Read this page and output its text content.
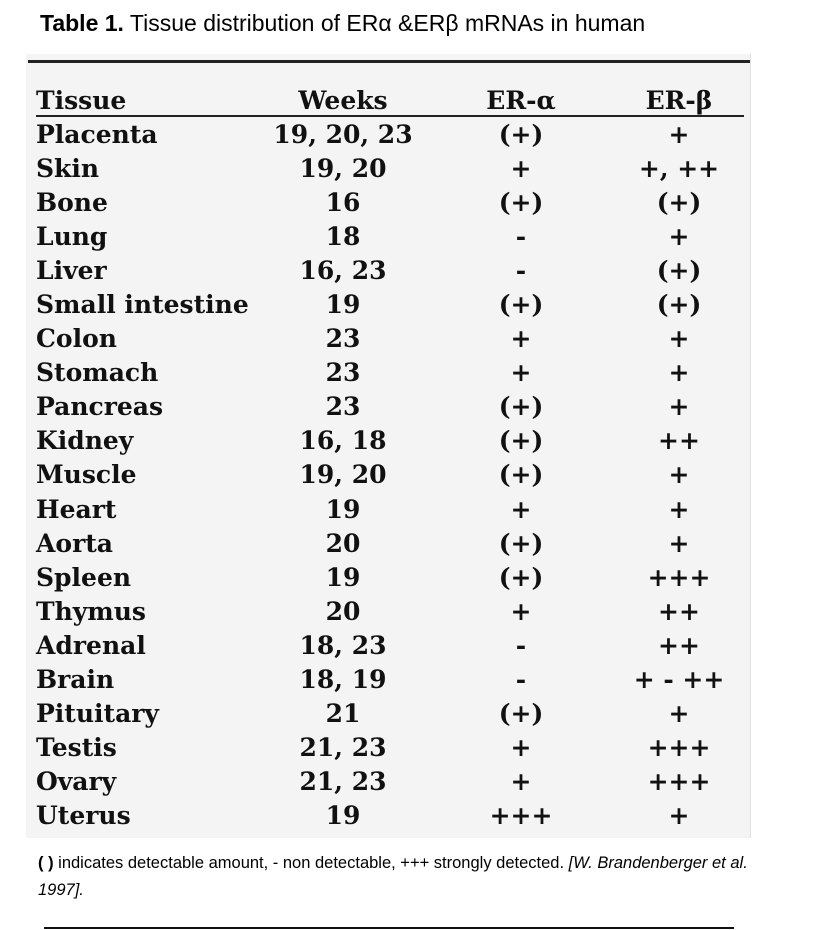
Table 1. Tissue distribution of ERα &ERβ mRNAs in human
Tissue	Weeks	ER-α	ER-β
Placenta	19, 20, 23	(+)	+
Skin	19, 20	+	+, ++
Bone	16	(+)	(+)
Lung	18	-	+
Liver	16, 23	-	(+)
Small intestine	19	(+)	(+)
Colon	23	+	+
Stomach	23	+	+
Pancreas	23	(+)	+
Kidney	16, 18	(+)	++
Muscle	19, 20	(+)	+
Heart	19	+	+
Aorta	20	(+)	+
Spleen	19	(+)	+++
Thymus	20	+	++
Adrenal	18, 23	-	++
Brain	18, 19	-	+ - ++
Pituitary	21	(+)	+
Testis	21, 23	+	+++
Ovary	21, 23	+	+++
Uterus	19	+++	+
( ) indicates detectable amount, - non detectable, +++ strongly detected. [W. Brandenberger et al. 1997].
